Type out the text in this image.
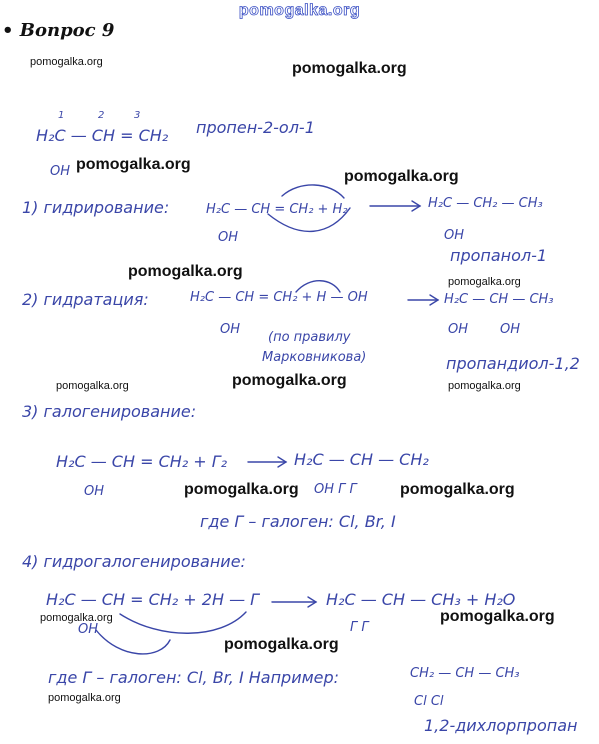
pomogalka.org
• Вопрос 9
pomogalka.org	pomogalka.org
pomogalka.org
pomogalka.org
pomogalka.org
pomogalka.org
pomogalka.org	pomogalka.org	pomogalka.org
pomogalka.org	pomogalka.org
pomogalka.org	pomogalka.org
pomogalka.org
pomogalka.org
1	2	3
H₂C — CH = CH₂
OH
пропен-2-ол-1
1) гидрирование:	H₂C — CH = CH₂ + H₂
OH
H₂C — CH₂ — CH₃
OH
пропанол-1
2) гидратация:	H₂C — CH = CH₂ + H — OH
OH
(по правилу
Марковникова)
H₂C — CH — CH₃
OH OH
пропандиол-1,2
3) галогенирование:
H₂C — CH = CH₂ + Г₂
OH
H₂C — CH — CH₂
OH Г Г
где Г – галоген: Cl, Br, I
4) гидрогалогенирование:
H₂C — CH = CH₂ + 2H — Г
OH
H₂C — CH — CH₃ + H₂O
Г Г
где Г – галоген: Cl, Br, I Например:	CH₂ — CH — CH₃
Cl Cl
1,2-дихлорпропан
